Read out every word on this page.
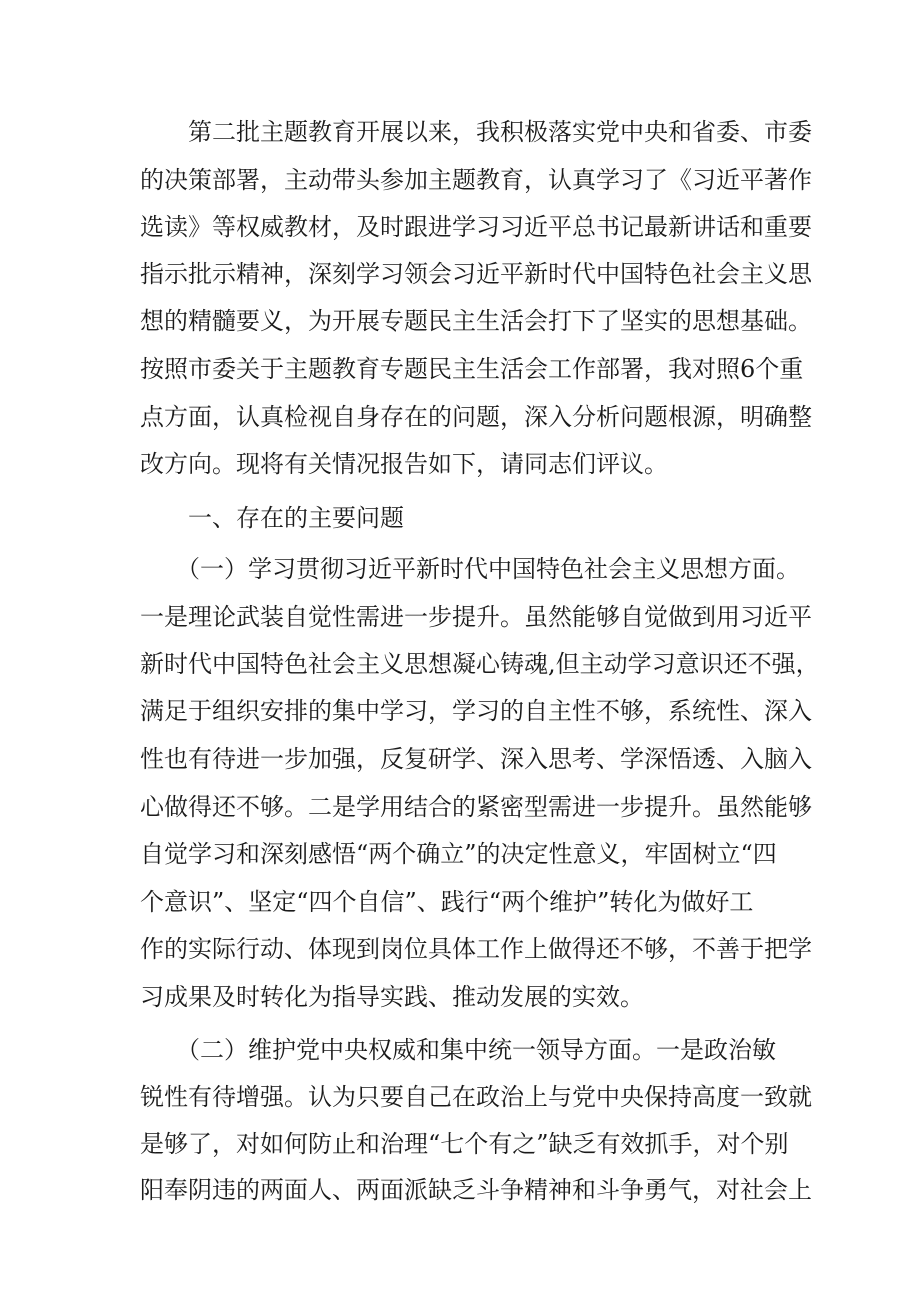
　　第二批主题教育开展以来，我积极落实党中央和省委、市委
的决策部署，主动带头参加主题教育，认真学习了《习近平著作
选读》等权威教材，及时跟进学习习近平总书记最新讲话和重要
指示批示精神，深刻学习领会习近平新时代中国特色社会主义思
想的精髓要义，为开展专题民主生活会打下了坚实的思想基础。
按照市委关于主题教育专题民主生活会工作部署，我对照6个重
点方面，认真检视自身存在的问题，深入分析问题根源，明确整
改方向。现将有关情况报告如下，请同志们评议。
　　一、存在的主要问题
　　（一）学习贯彻习近平新时代中国特色社会主义思想方面。
一是理论武装自觉性需进一步提升。虽然能够自觉做到用习近平
新时代中国特色社会主义思想凝心铸魂,但主动学习意识还不强，
满足于组织安排的集中学习，学习的自主性不够，系统性、深入
性也有待进一步加强，反复研学、深入思考、学深悟透、入脑入
心做得还不够。二是学用结合的紧密型需进一步提升。虽然能够
自觉学习和深刻感悟“两个确立”的决定性意义，牢固树立“四
个意识”、坚定“四个自信”、践行“两个维护”转化为做好工
作的实际行动、体现到岗位具体工作上做得还不够，不善于把学
习成果及时转化为指导实践、推动发展的实效。
　　（二）维护党中央权威和集中统一领导方面。一是政治敏
锐性有待增强。认为只要自己在政治上与党中央保持高度一致就
是够了，对如何防止和治理“七个有之”缺乏有效抓手，对个别
阳奉阴违的两面人、两面派缺乏斗争精神和斗争勇气，对社会上
